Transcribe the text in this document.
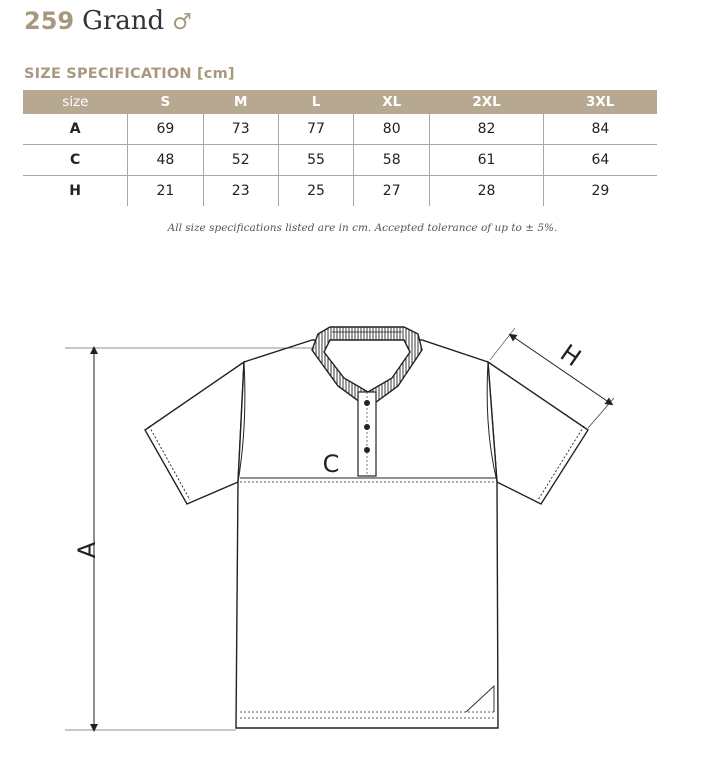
259 Grand ♂
SIZE SPECIFICATION [cm]
size	S	M	L	XL	2XL	3XL
A	69	73	77	80	82	84
C	48	52	55	58	61	64
H	21	23	25	27	28	29
All size specifications listed are in cm. Accepted tolerance of up to ± 5%.
A
C
H
